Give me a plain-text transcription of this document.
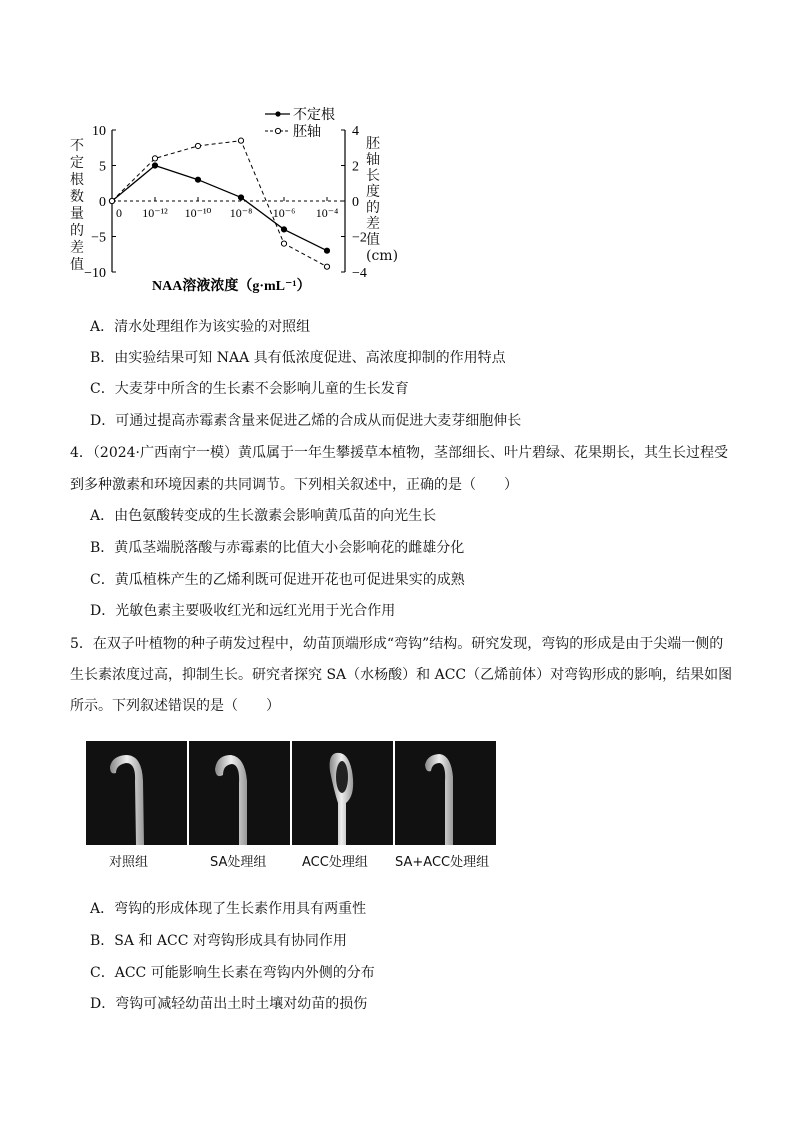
10
5
0
−5
−10
4
2
0
−2
−4
0 10⁻¹² 10⁻¹⁰ 10⁻⁸ 10⁻⁶ 10⁻⁴
不定根
胚轴
NAA溶液浓度（g·mL⁻¹）
不定根数量的差值
胚轴长度的差值(cm)
A．清水处理组作为该实验的对照组
B．由实验结果可知 NAA 具有低浓度促进、高浓度抑制的作用特点
C．大麦芽中所含的生长素不会影响儿童的生长发育
D．可通过提高赤霉素含量来促进乙烯的合成从而促进大麦芽细胞伸长
4．（2024·广西南宁一模）黄瓜属于一年生攀援草本植物，茎部细长、叶片碧绿、花果期长，其生长过程受
到多种激素和环境因素的共同调节。下列相关叙述中，正确的是（　　）
A．由色氨酸转变成的生长激素会影响黄瓜苗的向光生长
B．黄瓜茎端脱落酸与赤霉素的比值大小会影响花的雌雄分化
C．黄瓜植株产生的乙烯利既可促进开花也可促进果实的成熟
D．光敏色素主要吸收红光和远红光用于光合作用
5．在双子叶植物的种子萌发过程中，幼苗顶端形成“弯钩”结构。研究发现，弯钩的形成是由于尖端一侧的
生长素浓度过高，抑制生长。研究者探究 SA（水杨酸）和 ACC（乙烯前体）对弯钩形成的影响，结果如图
所示。下列叙述错误的是（　　）
对照组	SA处理组	ACC处理组 SA+ACC处理组
A．弯钩的形成体现了生长素作用具有两重性
B．SA 和 ACC 对弯钩形成具有协同作用
C．ACC 可能影响生长素在弯钩内外侧的分布
D．弯钩可减轻幼苗出土时土壤对幼苗的损伤
